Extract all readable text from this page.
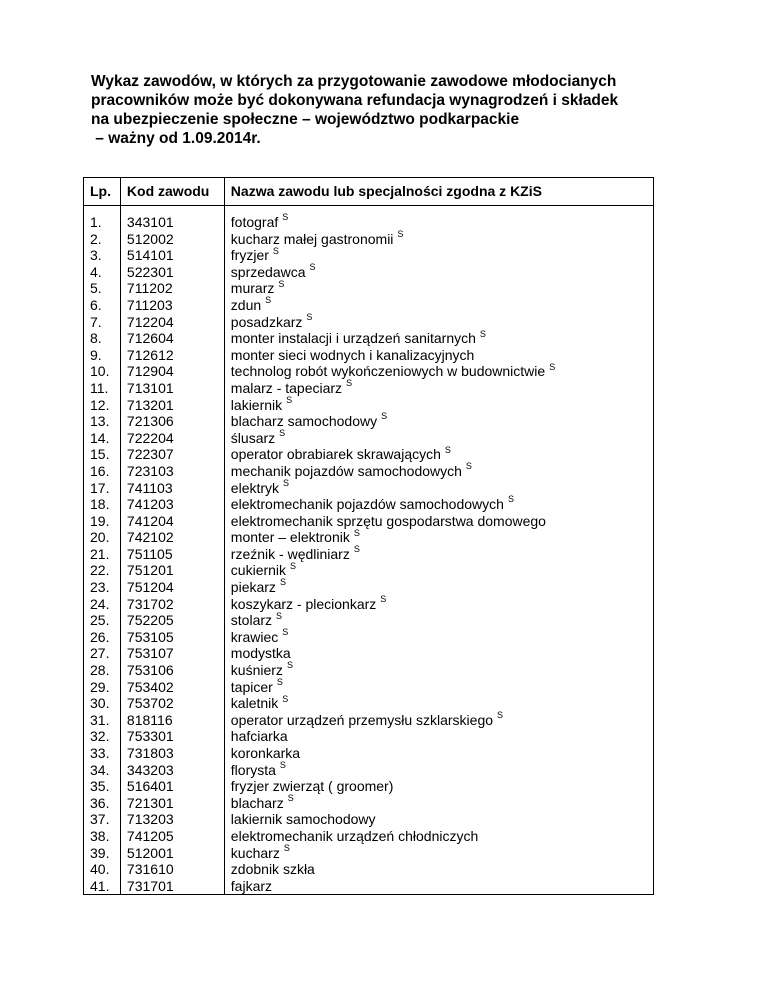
Wykaz zawodów, w których za przygotowanie zawodowe młodocianych
pracowników może być dokonywana refundacja wynagrodzeń i składek
na ubezpieczenie społeczne – województwo podkarpackie
– ważny od 1.09.2014r.
Lp.	Kod zawodu	Nazwa zawodu lub specjalności zgodna z KZiS

1.	343101	fotograf $^S$
2.	512002	kucharz małej gastronomii $^S$
3.	514101	fryzjer $^S$
4.	522301	sprzedawca $^S$
5.	711202	murarz $^S$
6.	711203	zdun $^S$
7.	712204	posadzkarz $^S$
8.	712604	monter instalacji i urządzeń sanitarnych $^S$
9.	712612	monter sieci wodnych i kanalizacyjnych
10.	712904	technolog robót wykończeniowych w budownictwie $^S$
11.	713101	malarz - tapeciarz $^S$
12.	713201	lakiernik $^S$
13.	721306	blacharz samochodowy $^S$
14.	722204	ślusarz $^S$
15.	722307	operator obrabiarek skrawających $^S$
16.	723103	mechanik pojazdów samochodowych $^S$
17.	741103	elektryk $^S$
18.	741203	elektromechanik pojazdów samochodowych $^S$
19.	741204	elektromechanik sprzętu gospodarstwa domowego
20.	742102	monter – elektronik $^S$
21.	751105	rzeźnik - wędliniarz $^S$
22.	751201	cukiernik $^S$
23.	751204	piekarz $^S$
24.	731702	koszykarz - plecionkarz $^S$
25.	752205	stolarz $^S$
26.	753105	krawiec $^S$
27.	753107	modystka
28.	753106	kuśnierz $^S$
29.	753402	tapicer $^S$
30.	753702	kaletnik $^S$
31.	818116	operator urządzeń przemysłu szklarskiego $^S$
32.	753301	hafciarka
33.	731803	koronkarka
34.	343203	florysta $^S$
35.	516401	fryzjer zwierząt ( groomer)
36.	721301	blacharz $^S$
37.	713203	lakiernik samochodowy
38.	741205	elektromechanik urządzeń chłodniczych
39.	512001	kucharz $^S$
40.	731610	zdobnik szkła
41.	731701	fajkarz
